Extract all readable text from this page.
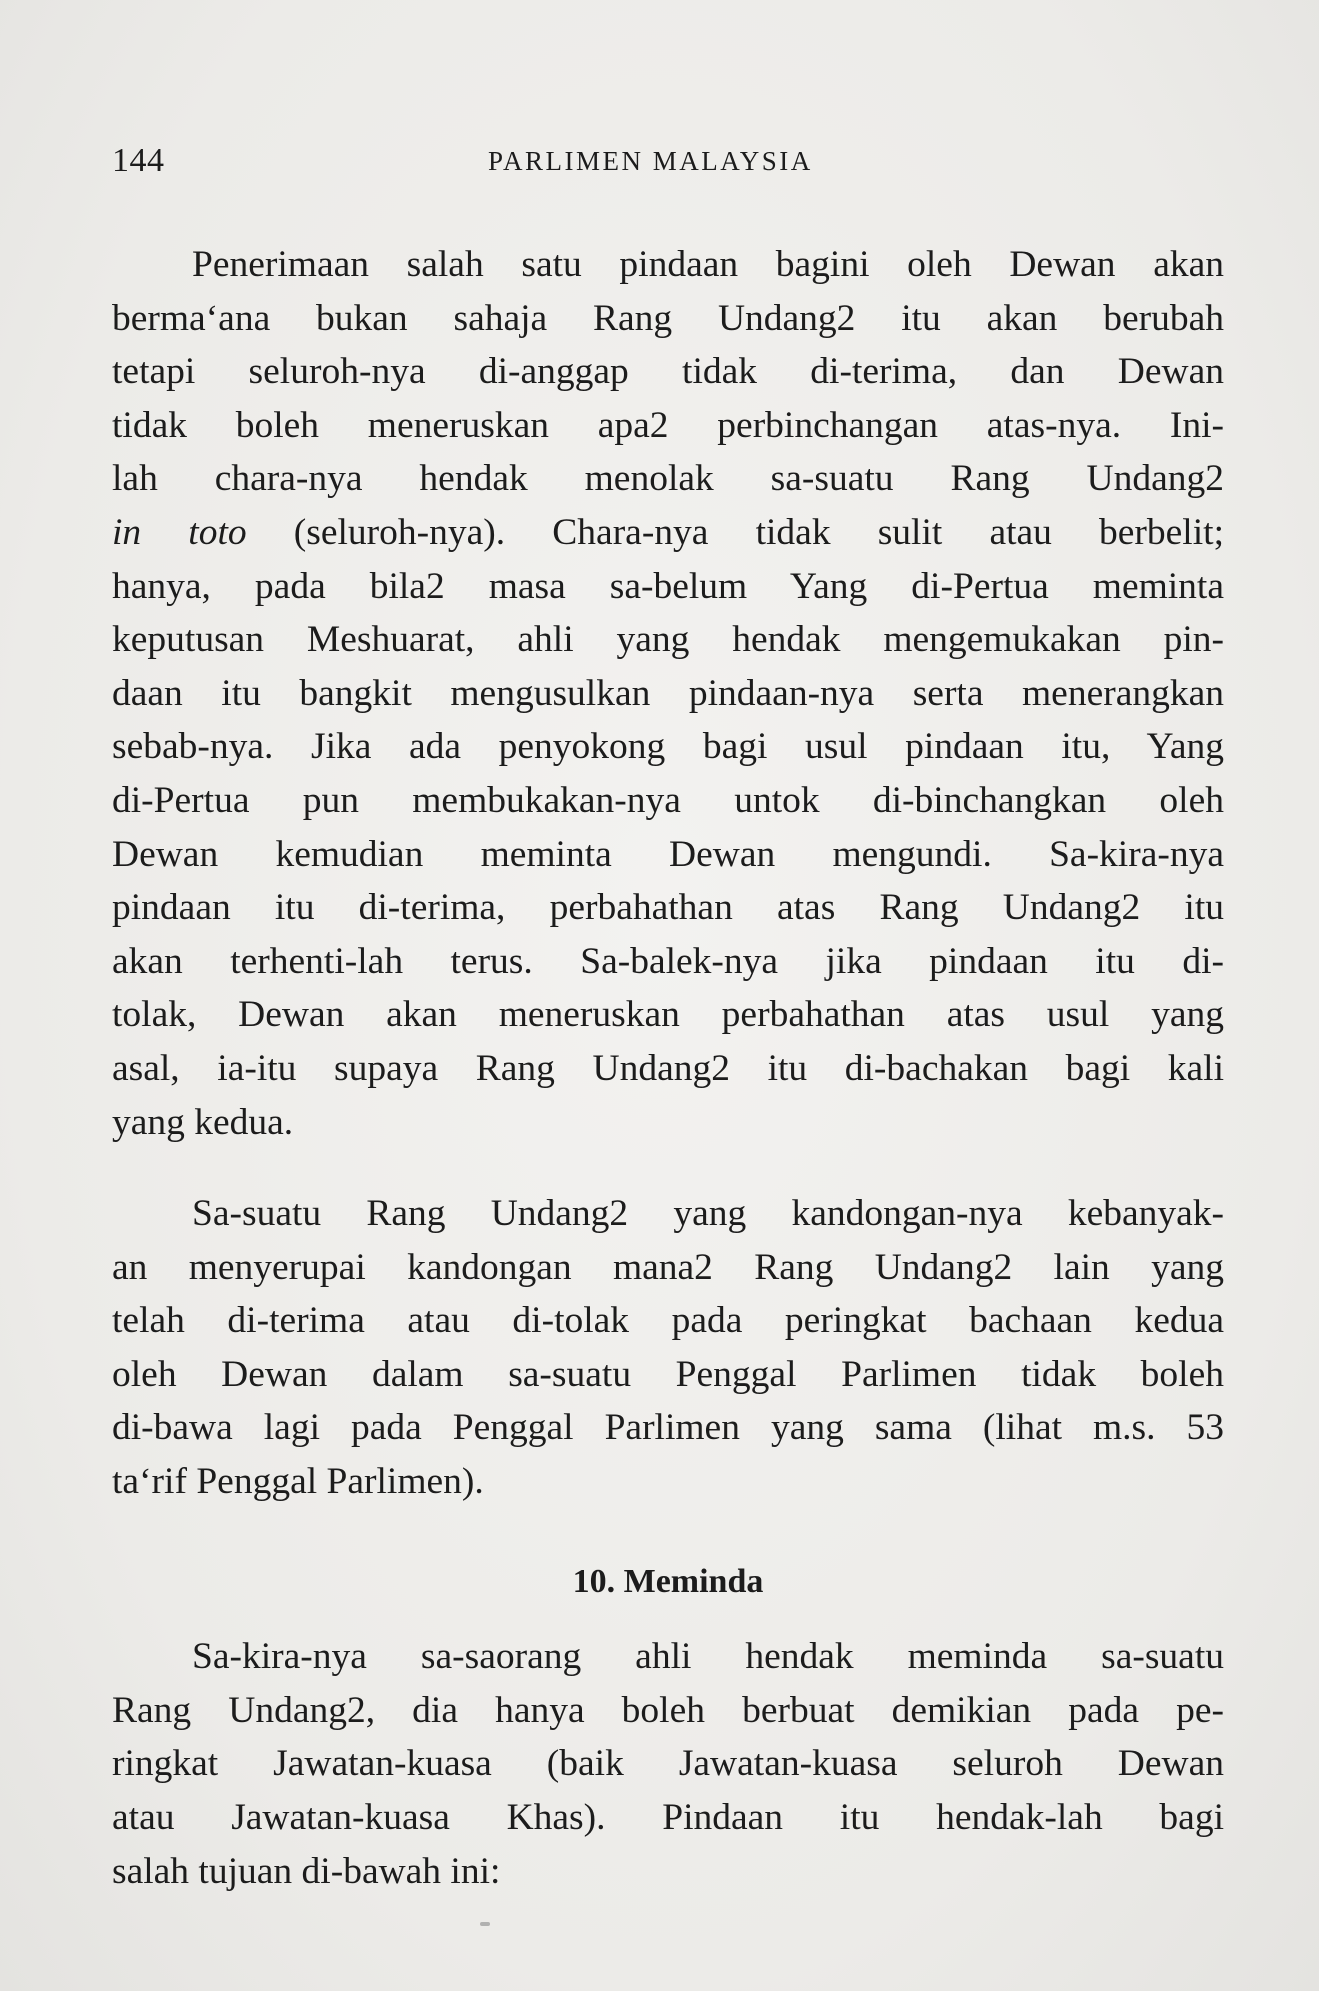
144	PARLIMEN MALAYSIA

Penerimaan salah satu pindaan bagini oleh Dewan akan
berma‘ana bukan sahaja Rang Undang2 itu akan berubah
tetapi seluroh-nya di-anggap tidak di-terima, dan Dewan
tidak boleh meneruskan apa2 perbinchangan atas-nya. Ini-
lah chara-nya hendak menolak sa-suatu Rang Undang2
in toto (seluroh-nya). Chara-nya tidak sulit atau berbelit;
hanya, pada bila2 masa sa-belum Yang di-Pertua meminta
keputusan Meshuarat, ahli yang hendak mengemukakan pin-
daan itu bangkit mengusulkan pindaan-nya serta menerangkan
sebab-nya. Jika ada penyokong bagi usul pindaan itu, Yang
di-Pertua pun membukakan-nya untok di-binchangkan oleh
Dewan kemudian meminta Dewan mengundi. Sa-kira-nya
pindaan itu di-terima, perbahathan atas Rang Undang2 itu
akan terhenti-lah terus. Sa-balek-nya jika pindaan itu di-
tolak, Dewan akan meneruskan perbahathan atas usul yang
asal, ia-itu supaya Rang Undang2 itu di-bachakan bagi kali
yang kedua.

Sa-suatu Rang Undang2 yang kandongan-nya kebanyak-
an menyerupai kandongan mana2 Rang Undang2 lain yang
telah di-terima atau di-tolak pada peringkat bachaan kedua
oleh Dewan dalam sa-suatu Penggal Parlimen tidak boleh
di-bawa lagi pada Penggal Parlimen yang sama (lihat m.s. 53
ta‘rif Penggal Parlimen).

10. Meminda

Sa-kira-nya sa-saorang ahli hendak meminda sa-suatu
Rang Undang2, dia hanya boleh berbuat demikian pada pe-
ringkat Jawatan-kuasa (baik Jawatan-kuasa seluroh Dewan
atau Jawatan-kuasa Khas). Pindaan itu hendak-lah bagi
salah tujuan di-bawah ini:
